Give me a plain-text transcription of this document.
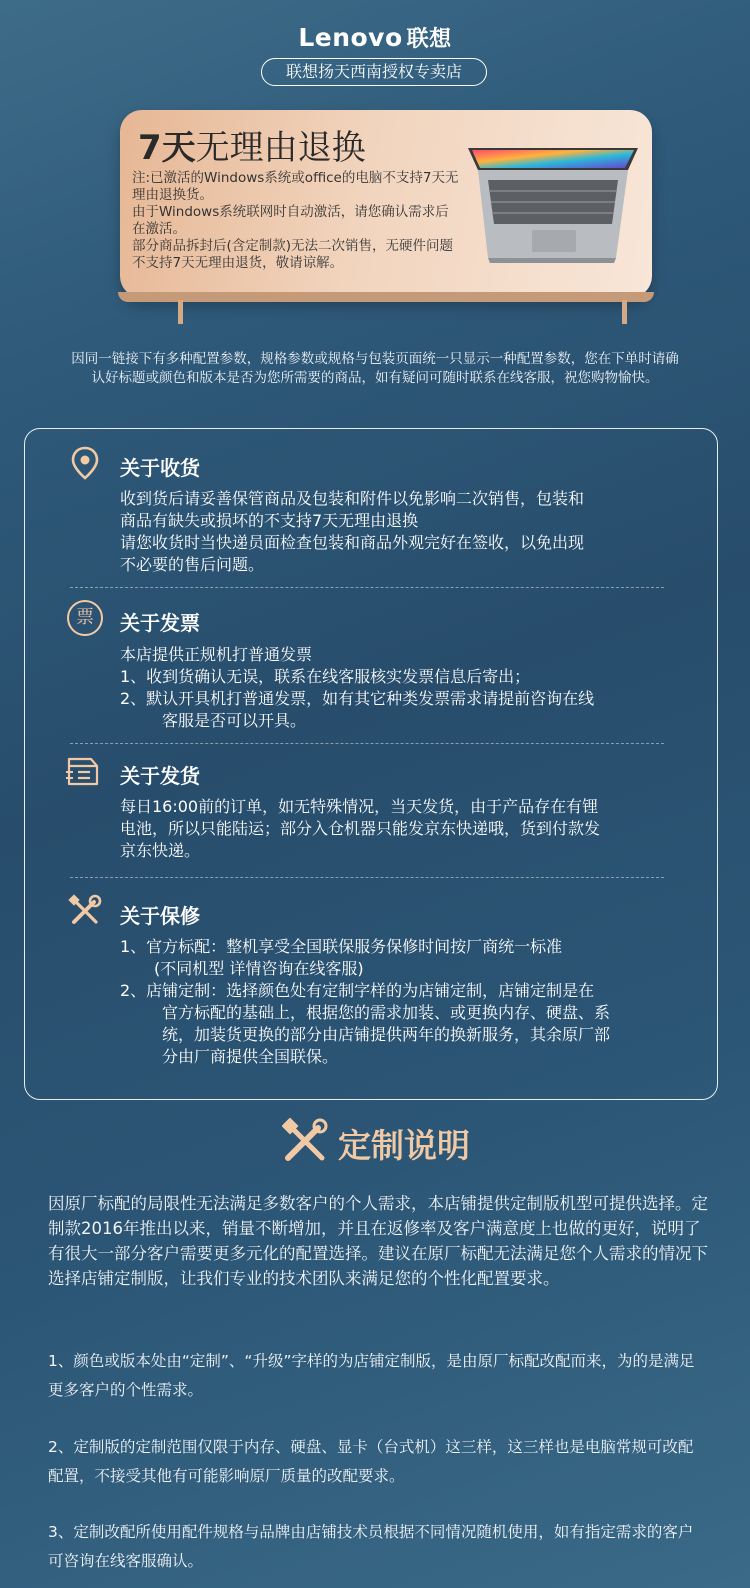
Lenovo 联想
联想扬天西南授权专卖店
7天无理由退换
注:已激活的Windows系统或office的电脑不支持7天无理由退换货。
由于Windows系统联网时自动激活，请您确认需求后在激活。
部分商品拆封后(含定制款)无法二次销售，无硬件问题不支持7天无理由退货，敬请谅解。
因同一链接下有多种配置参数，规格参数或规格与包装页面统一只显示一种配置参数，您在下单时请确认好标题或颜色和版本是否为您所需要的商品，如有疑问可随时联系在线客服，祝您购物愉快。
关于收货
收到货后请妥善保管商品及包装和附件以免影响二次销售，包装和
商品有缺失或损坏的不支持7天无理由退换
请您收货时当快递员面检查包装和商品外观完好在签收，以免出现
不必要的售后问题。
票	关于发票
本店提供正规机打普通发票
1、收到货确认无误，联系在线客服核实发票信息后寄出；
2、默认开具机打普通发票，如有其它种类发票需求请提前咨询在线
客服是否可以开具。
关于发货
每日16:00前的订单，如无特殊情况，当天发货，由于产品存在有锂
电池，所以只能陆运；部分入仓机器只能发京东快递哦，货到付款发
京东快递。
关于保修
1、官方标配：整机享受全国联保服务保修时间按厂商统一标准
(不同机型 详情咨询在线客服)
2、店铺定制：选择颜色处有定制字样的为店铺定制，店铺定制是在
官方标配的基础上，根据您的需求加装、或更换内存、硬盘、系
统，加装货更换的部分由店铺提供两年的换新服务，其余原厂部
分由厂商提供全国联保。
定制说明
因原厂标配的局限性无法满足多数客户的个人需求，本店铺提供定制版机型可提供选择。定制款2016年推出以来，销量不断增加，并且在返修率及客户满意度上也做的更好，说明了有很大一部分客户需要更多元化的配置选择。建议在原厂标配无法满足您个人需求的情况下选择店铺定制版，让我们专业的技术团队来满足您的个性化配置要求。
1、颜色或版本处由“定制”、“升级”字样的为店铺定制版，是由原厂标配改配而来，为的是满足更多客户的个性需求。
2、定制版的定制范围仅限于内存、硬盘、显卡（台式机）这三样，这三样也是电脑常规可改配配置，不接受其他有可能影响原厂质量的改配要求。
3、定制改配所使用配件规格与品牌由店铺技术员根据不同情况随机使用，如有指定需求的客户可咨询在线客服确认。
